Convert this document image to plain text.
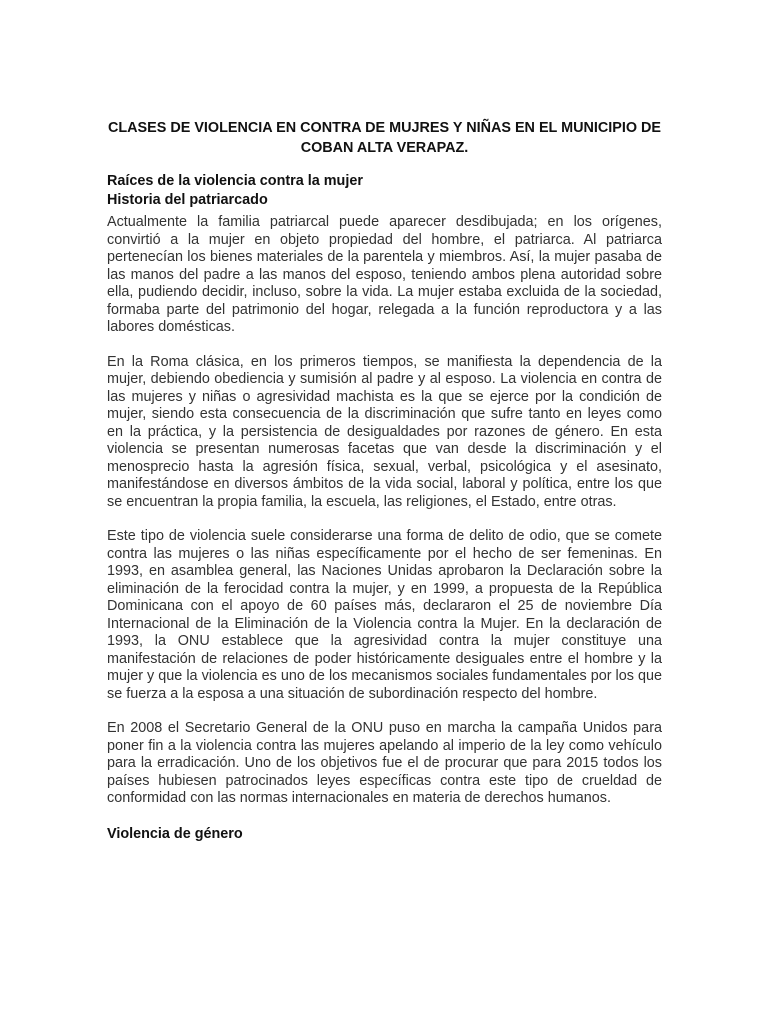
CLASES DE VIOLENCIA EN CONTRA DE MUJRES Y NIÑAS EN EL MUNICIPIO DE COBAN ALTA VERAPAZ.

Raíces de la violencia contra la mujer

Historia del patriarcado

Actualmente la familia patriarcal puede aparecer desdibujada; en los orígenes, convirtió a la mujer en objeto propiedad del hombre, el patriarca. Al patriarca pertenecían los bienes materiales de la parentela y miembros. Así, la mujer pasaba de las manos del padre a las manos del esposo, teniendo ambos plena autoridad sobre ella, pudiendo decidir, incluso, sobre la vida. La mujer estaba excluida de la sociedad, formaba parte del patrimonio del hogar, relegada a la función reproductora y a las labores domésticas.

En la Roma clásica, en los primeros tiempos, se manifiesta la dependencia de la mujer, debiendo obediencia y sumisión al padre y al esposo. La violencia en contra de las mujeres y niñas o agresividad machista es la que se ejerce por la condición de mujer, siendo esta consecuencia de la discriminación que sufre tanto en leyes como en la práctica, y la persistencia de desigualdades por razones de género. En esta violencia se presentan numerosas facetas que van desde la discriminación y el menosprecio hasta la agresión física, sexual, verbal, psicológica y el asesinato, manifestándose en diversos ámbitos de la vida social, laboral y política, entre los que se encuentran la propia familia, la escuela, las religiones, el Estado, entre otras.

Este tipo de violencia suele considerarse una forma de delito de odio, que se comete contra las mujeres o las niñas específicamente por el hecho de ser femeninas. En 1993, en asamblea general, las Naciones Unidas aprobaron la Declaración sobre la eliminación de la ferocidad contra la mujer, y en 1999, a propuesta de la República Dominicana con el apoyo de 60 países más, declararon el 25 de noviembre Día Internacional de la Eliminación de la Violencia contra la Mujer. En la declaración de 1993, la ONU establece que la agresividad contra la mujer constituye una manifestación de relaciones de poder históricamente desiguales entre el hombre y la mujer y que la violencia es uno de los mecanismos sociales fundamentales por los que se fuerza a la esposa a una situación de subordinación respecto del hombre.

En 2008 el Secretario General de la ONU puso en marcha la campaña Unidos para poner fin a la violencia contra las mujeres apelando al imperio de la ley como vehículo para la erradicación. Uno de los objetivos fue el de procurar que para 2015 todos los países hubiesen patrocinados leyes específicas contra este tipo de crueldad de conformidad con las normas internacionales en materia de derechos humanos.

Violencia de género
